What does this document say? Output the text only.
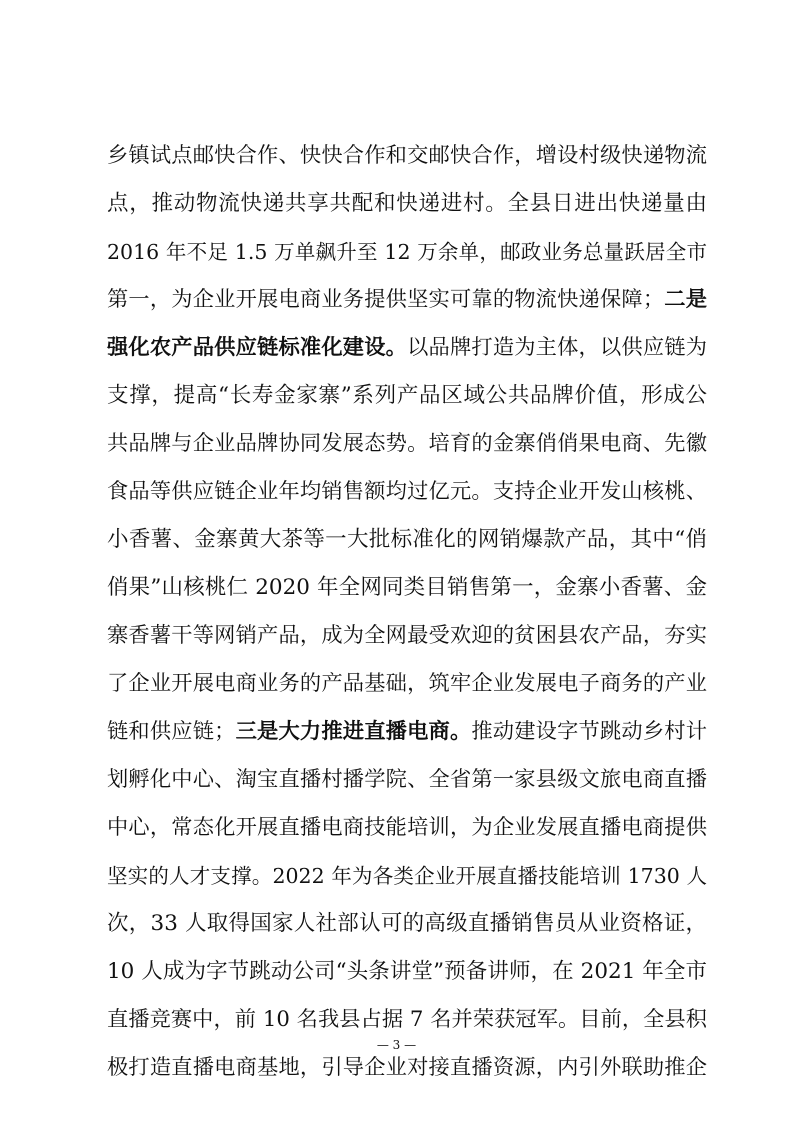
乡镇试点邮快合作、快快合作和交邮快合作，增设村级快递物流
点，推动物流快递共享共配和快递进村。全县日进出快递量由
2016 年不足 1.5 万单飙升至 12 万余单，邮政业务总量跃居全市
第一，为企业开展电商业务提供坚实可靠的物流快递保障；二是
强化农产品供应链标准化建设。以品牌打造为主体，以供应链为
支撑，提高“长寿金家寨”系列产品区域公共品牌价值，形成公
共品牌与企业品牌协同发展态势。培育的金寨俏俏果电商、先徽
食品等供应链企业年均销售额均过亿元。支持企业开发山核桃、
小香薯、金寨黄大茶等一大批标准化的网销爆款产品，其中“俏
俏果”山核桃仁 2020 年全网同类目销售第一，金寨小香薯、金
寨香薯干等网销产品，成为全网最受欢迎的贫困县农产品，夯实
了企业开展电商业务的产品基础，筑牢企业发展电子商务的产业
链和供应链；三是大力推进直播电商。推动建设字节跳动乡村计
划孵化中心、淘宝直播村播学院、全省第一家县级文旅电商直播
中心，常态化开展直播电商技能培训，为企业发展直播电商提供
坚实的人才支撑。2022 年为各类企业开展直播技能培训 1730 人
次，33 人取得国家人社部认可的高级直播销售员从业资格证，
10 人成为字节跳动公司“头条讲堂”预备讲师，在 2021 年全市
直播竞赛中，前 10 名我县占据 7 名并荣获冠军。目前，全县积
极打造直播电商基地，引导企业对接直播资源，内引外联助推企
— 3 —
